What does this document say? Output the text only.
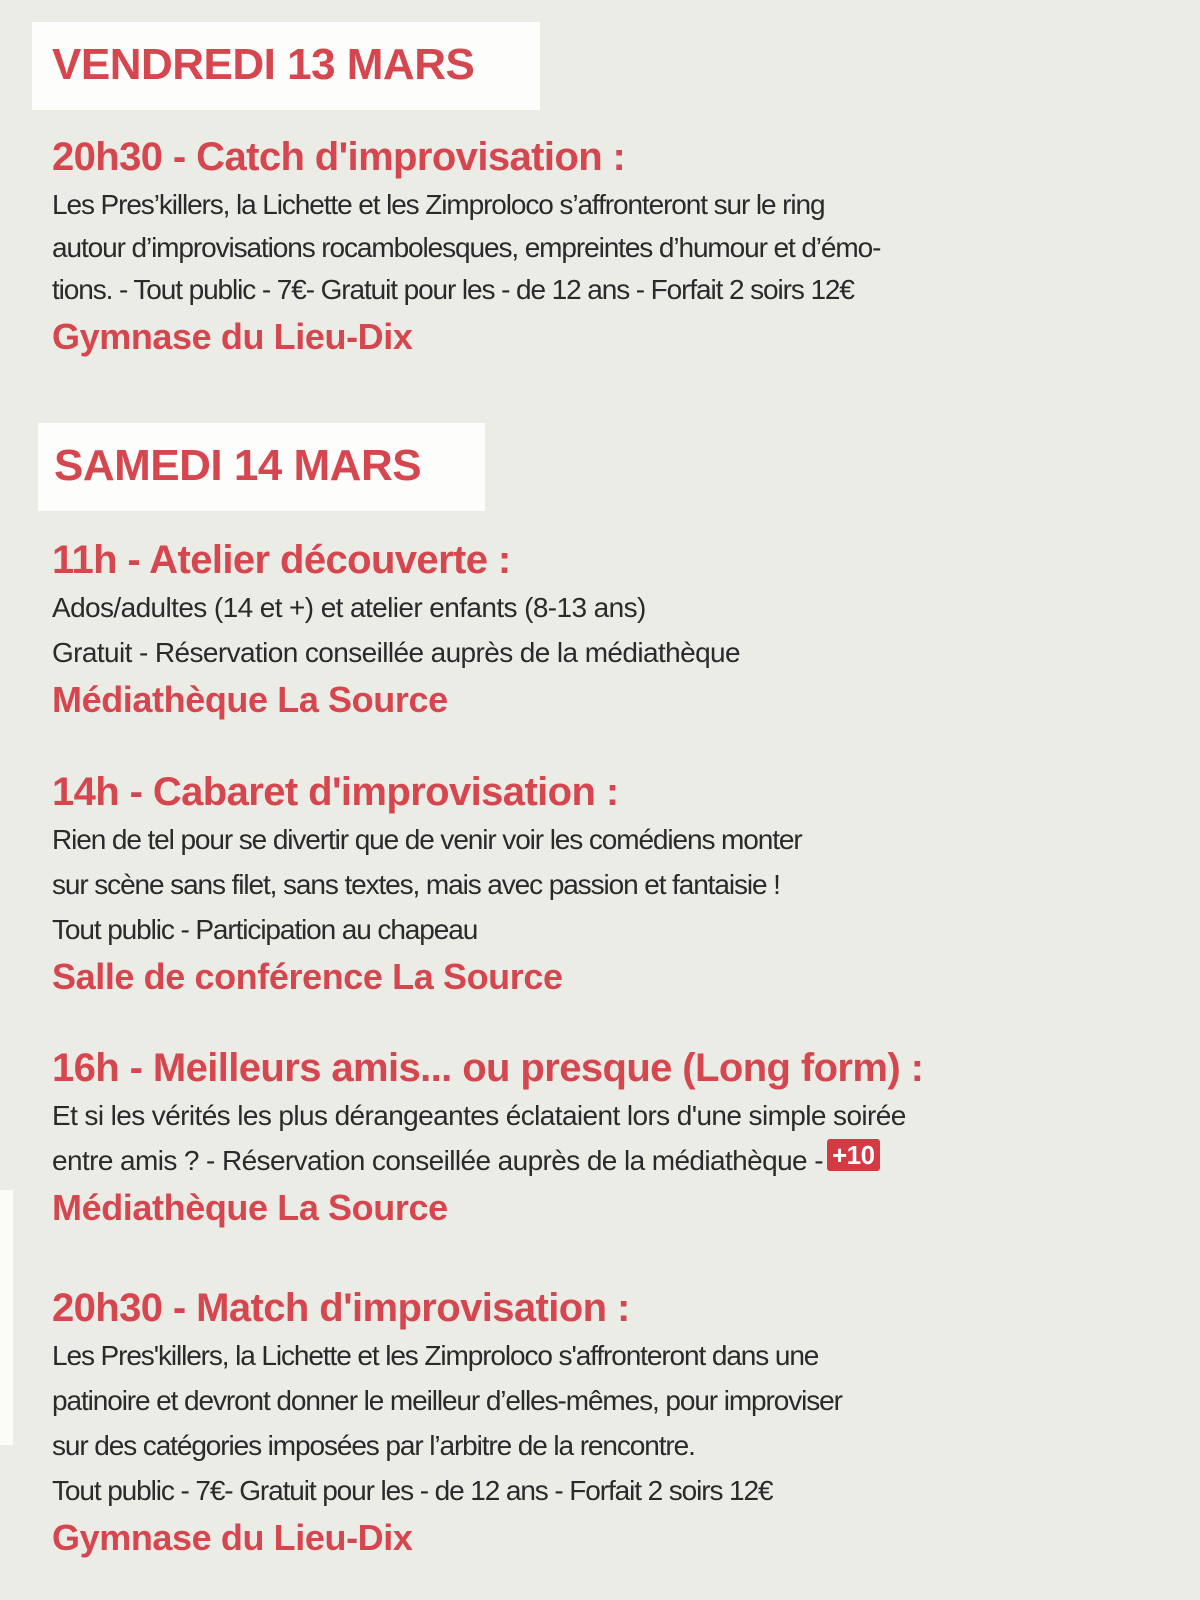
VENDREDI 13 MARS

20h30 - Catch d'improvisation :

Les Pres’killers, la Lichette et les Zimproloco s’affronteront sur le ring

autour d’improvisations rocambolesques, empreintes d’humour et d’émo-

tions. - Tout public - 7€- Gratuit pour les - de 12 ans - Forfait 2 soirs 12€

Gymnase du Lieu-Dix

SAMEDI 14 MARS

11h - Atelier découverte :

Ados/adultes (14 et +) et atelier enfants (8-13 ans)

Gratuit - Réservation conseillée auprès de la médiathèque

Médiathèque La Source

14h - Cabaret d'improvisation :

Rien de tel pour se divertir que de venir voir les comédiens monter

sur scène sans filet, sans textes, mais avec passion et fantaisie !

Tout public - Participation au chapeau

Salle de conférence La Source

16h - Meilleurs amis... ou presque (Long form) :

Et si les vérités les plus dérangeantes éclataient lors d'une simple soirée

entre amis ? - Réservation conseillée auprès de la médiathèque - +10

Médiathèque La Source

20h30 - Match d'improvisation :

Les Pres'killers, la Lichette et les Zimproloco s'affronteront dans une

patinoire et devront donner le meilleur d’elles-mêmes, pour improviser

sur des catégories imposées par l’arbitre de la rencontre.

Tout public - 7€- Gratuit pour les - de 12 ans - Forfait 2 soirs 12€

Gymnase du Lieu-Dix
